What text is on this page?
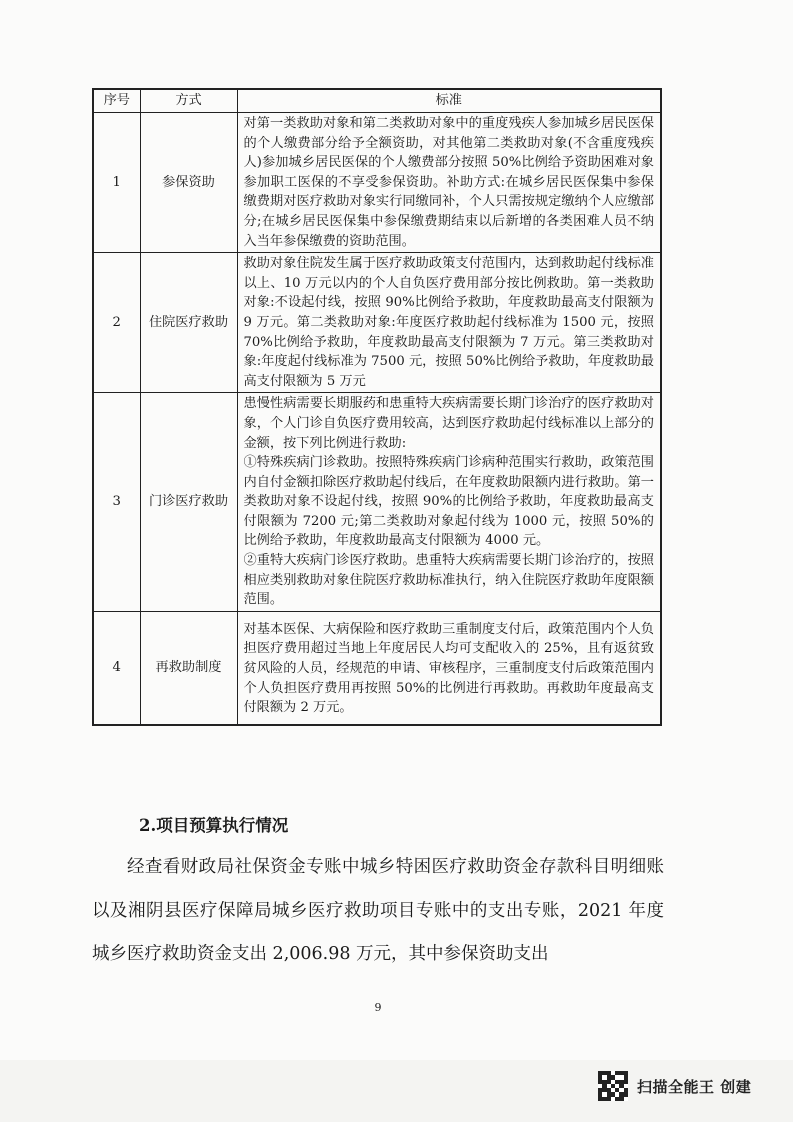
序号	方式	标准
1	参保资助	对第一类救助对象和第二类救助对象中的重度残疾人参加城乡居民医保的个人缴费部分给予全额资助，对其他第二类救助对象(不含重度残疾人)参加城乡居民医保的个人缴费部分按照 50%比例给予资助困难对象参加职工医保的不享受参保资助。补助方式:在城乡居民医保集中参保缴费期对医疗救助对象实行同缴同补，个人只需按规定缴纳个人应缴部分;在城乡居民医保集中参保缴费期结束以后新增的各类困难人员不纳入当年参保缴费的资助范围。

2	住院医疗救助	救助对象住院发生属于医疗救助政策支付范围内，达到救助起付线标准以上、10 万元以内的个人自负医疗费用部分按比例救助。第一类救助对象:不设起付线，按照 90%比例给予救助，年度救助最高支付限额为 9 万元。第二类救助对象:年度医疗救助起付线标准为 1500 元，按照 70%比例给予救助，年度救助最高支付限额为 7 万元。第三类救助对象:年度起付线标准为 7500 元，按照 50%比例给予救助，年度救助最高支付限额为 5 万元

3	门诊医疗救助	患慢性病需要长期服药和患重特大疾病需要长期门诊治疗的医疗救助对象，个人门诊自负医疗费用较高，达到医疗救助起付线标准以上部分的金额，按下列比例进行救助:

①特殊疾病门诊救助。按照特殊疾病门诊病种范围实行救助，政策范围内自付金额扣除医疗救助起付线后，在年度救助限额内进行救助。第一类救助对象不设起付线，按照 90%的比例给予救助，年度救助最高支付限额为 7200 元;第二类救助对象起付线为 1000 元，按照 50%的比例给予救助，年度救助最高支付限额为 4000 元。

②重特大疾病门诊医疗救助。患重特大疾病需要长期门诊治疗的，按照相应类别救助对象住院医疗救助标准执行，纳入住院医疗救助年度限额范围。

4	再救助制度	对基本医保、大病保险和医疗救助三重制度支付后，政策范围内个人负担医疗费用超过当地上年度居民人均可支配收入的 25%，且有返贫致贫风险的人员，经规范的申请、审核程序，三重制度支付后政策范围内个人负担医疗费用再按照 50%的比例进行再救助。再救助年度最高支付限额为 2 万元。

2.项目预算执行情况

经查看财政局社保资金专账中城乡特困医疗救助资金存款科目明细账以及湘阴县医疗保障局城乡医疗救助项目专账中的支出专账，2021 年度城乡医疗救助资金支出 2,006.98 万元，其中参保资助支出

9
扫描全能王 创建
